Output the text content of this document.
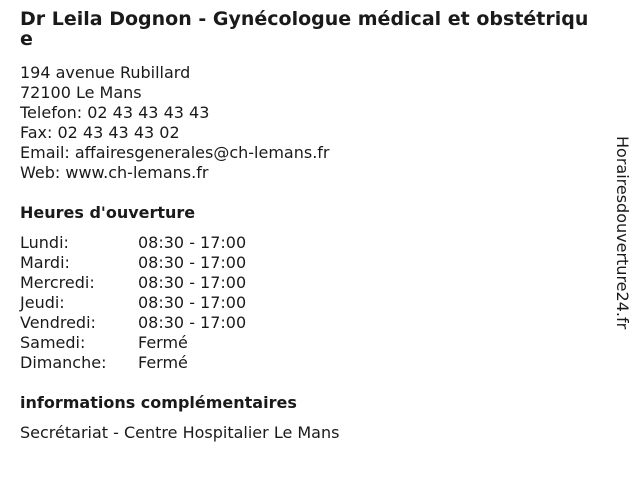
Dr Leila Dognon - Gynécologue médical et obstétrique
194 avenue Rubillard
72100 Le Mans
Telefon: 02 43 43 43 43
Fax: 02 43 43 43 02
Email: affairesgenerales@ch-lemans.fr
Web: www.ch-lemans.fr
Heures d'ouverture
Lundi:	08:30 - 17:00
Mardi:	08:30 - 17:00
Mercredi:	08:30 - 17:00
Jeudi:	08:30 - 17:00
Vendredi:	08:30 - 17:00
Samedi:	Fermé
Dimanche:	Fermé
informations complémentaires
Secrétariat - Centre Hospitalier Le Mans
Horairesdouverture24.fr
